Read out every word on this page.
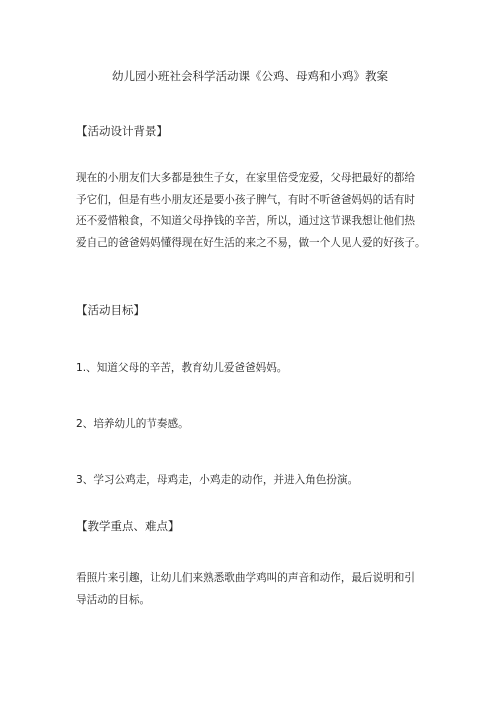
幼儿园小班社会科学活动课《公鸡、母鸡和小鸡》教案
【活动设计背景】
现在的小朋友们大多都是独生子女，在家里倍受宠爱，父母把最好的都给
予它们，但是有些小朋友还是要小孩子脾气，有时不听爸爸妈妈的话有时
还不爱惜粮食，不知道父母挣钱的辛苦，所以，通过这节课我想让他们热
爱自己的爸爸妈妈懂得现在好生活的来之不易，做一个人见人爱的好孩子。
【活动目标】
1.、知道父母的辛苦，教育幼儿爱爸爸妈妈。
2、培养幼儿的节奏感。
3、学习公鸡走，母鸡走，小鸡走的动作，并进入角色扮演。
【教学重点、难点】
看照片来引趣，让幼儿们来熟悉歌曲学鸡叫的声音和动作，最后说明和引
导活动的目标。
